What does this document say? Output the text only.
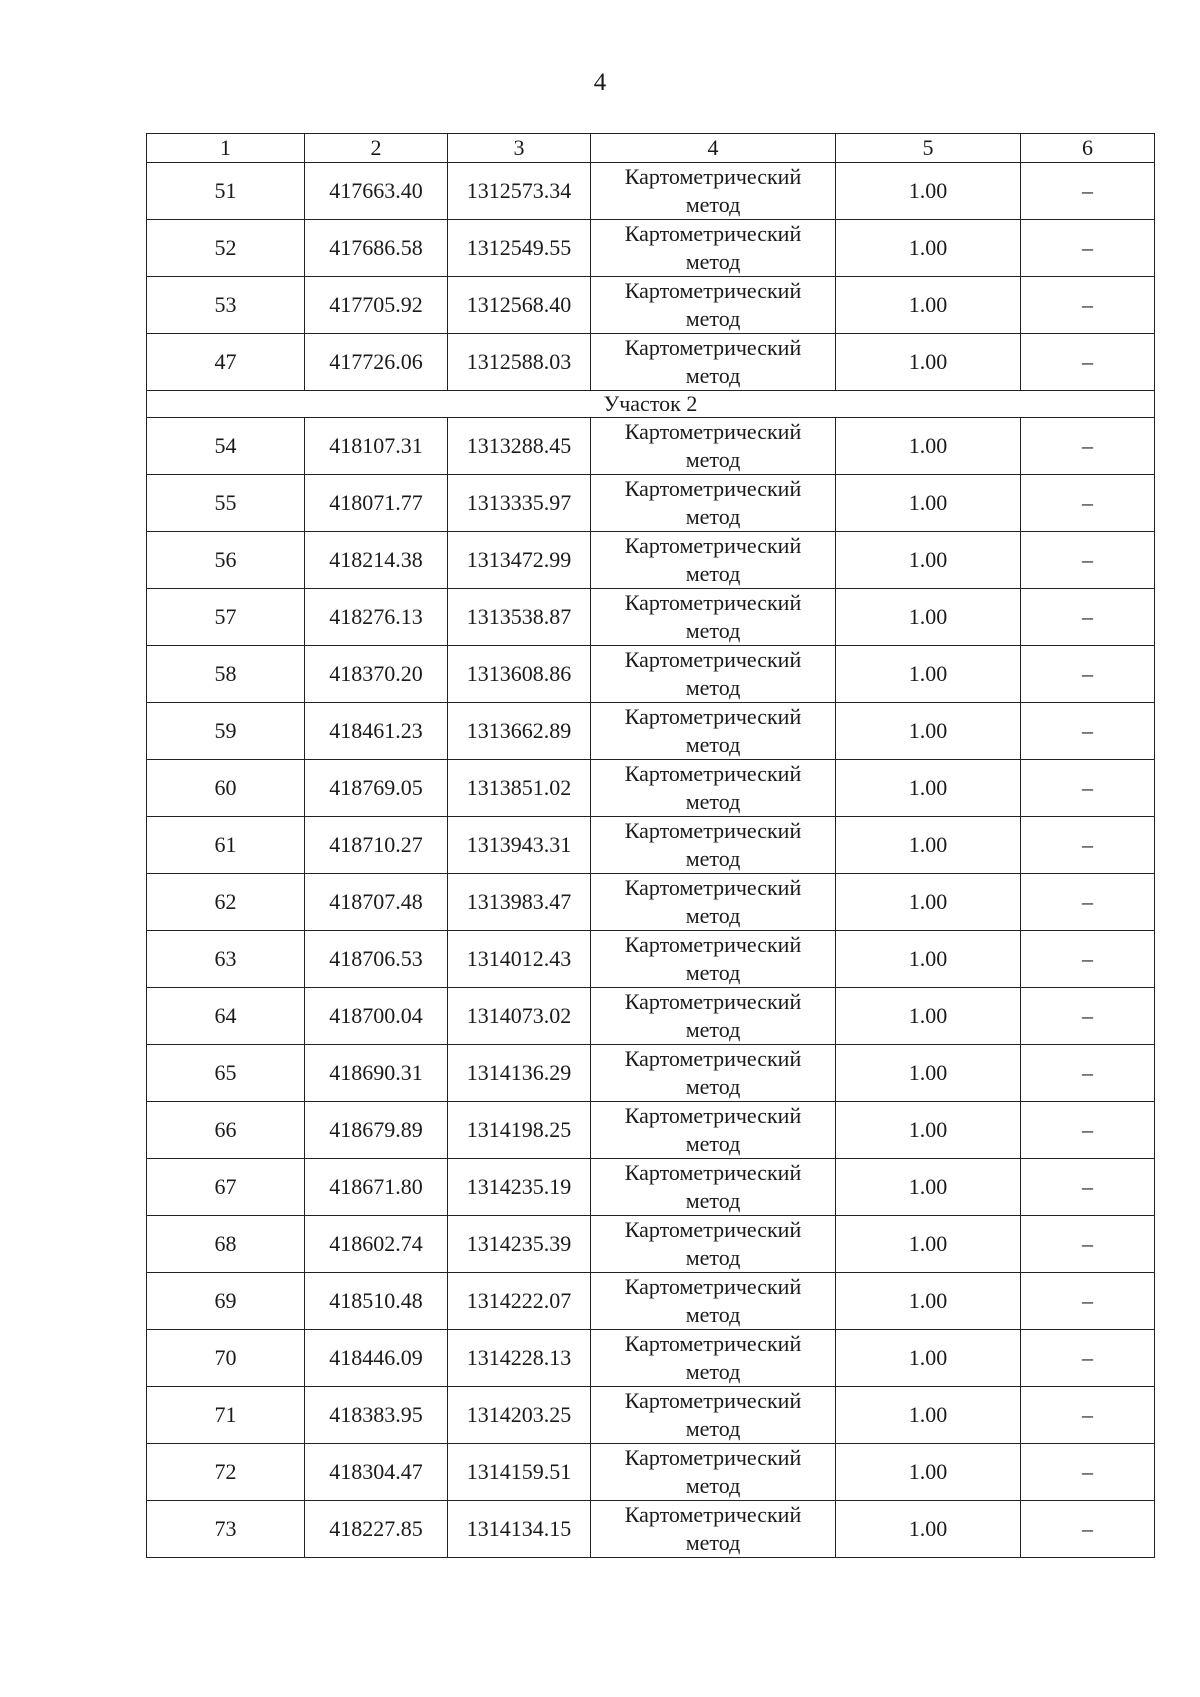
4
1	2	3	4	5	6
51	417663.40	1312573.34	Картометрический
метод	1.00	–
52	417686.58	1312549.55	Картометрический
метод	1.00	–
53	417705.92	1312568.40	Картометрический
метод	1.00	–
47	417726.06	1312588.03	Картометрический
метод	1.00	–
Участок 2					
54	418107.31	1313288.45	Картометрический
метод	1.00	–
55	418071.77	1313335.97	Картометрический
метод	1.00	–
56	418214.38	1313472.99	Картометрический
метод	1.00	–
57	418276.13	1313538.87	Картометрический
метод	1.00	–
58	418370.20	1313608.86	Картометрический
метод	1.00	–
59	418461.23	1313662.89	Картометрический
метод	1.00	–
60	418769.05	1313851.02	Картометрический
метод	1.00	–
61	418710.27	1313943.31	Картометрический
метод	1.00	–
62	418707.48	1313983.47	Картометрический
метод	1.00	–
63	418706.53	1314012.43	Картометрический
метод	1.00	–
64	418700.04	1314073.02	Картометрический
метод	1.00	–
65	418690.31	1314136.29	Картометрический
метод	1.00	–
66	418679.89	1314198.25	Картометрический
метод	1.00	–
67	418671.80	1314235.19	Картометрический
метод	1.00	–
68	418602.74	1314235.39	Картометрический
метод	1.00	–
69	418510.48	1314222.07	Картометрический
метод	1.00	–
70	418446.09	1314228.13	Картометрический
метод	1.00	–
71	418383.95	1314203.25	Картометрический
метод	1.00	–
72	418304.47	1314159.51	Картометрический
метод	1.00	–
73	418227.85	1314134.15	Картометрический
метод	1.00	–
